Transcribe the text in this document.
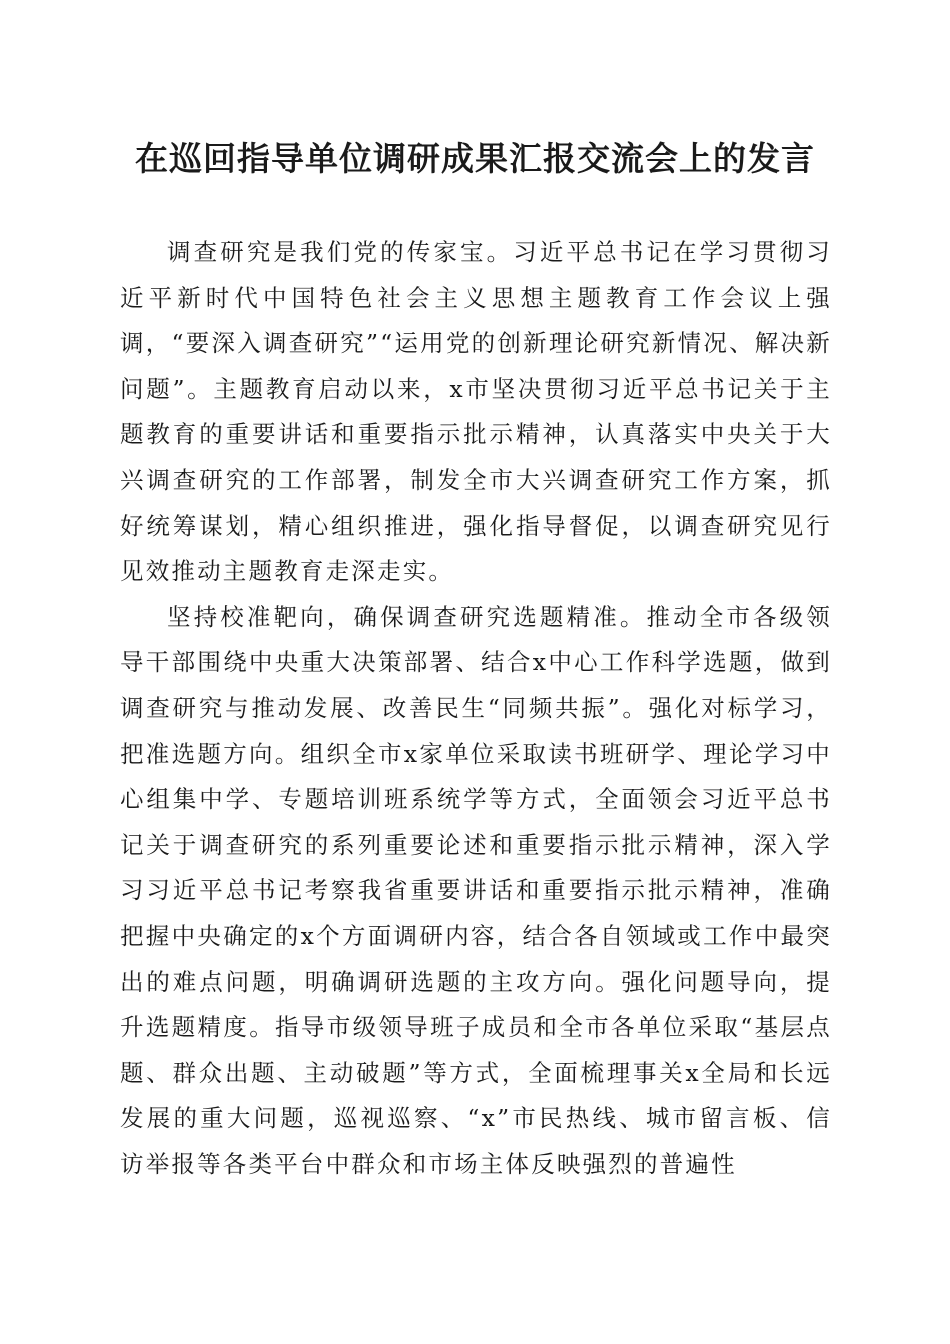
在巡回指导单位调研成果汇报交流会上的发言

调查研究是我们党的传家宝。习近平总书记在学习贯彻习近平新时代中国特色社会主义思想主题教育工作会议上强调，“要深入调查研究”“运用党的创新理论研究新情况、解决新问题”。主题教育启动以来，x市坚决贯彻习近平总书记关于主题教育的重要讲话和重要指示批示精神，认真落实中央关于大兴调查研究的工作部署，制发全市大兴调查研究工作方案，抓好统筹谋划，精心组织推进，强化指导督促，以调查研究见行见效推动主题教育走深走实。

坚持校准靶向，确保调查研究选题精准。推动全市各级领导干部围绕中央重大决策部署、结合x中心工作科学选题，做到调查研究与推动发展、改善民生“同频共振”。强化对标学习，把准选题方向。组织全市x家单位采取读书班研学、理论学习中心组集中学、专题培训班系统学等方式，全面领会习近平总书记关于调查研究的系列重要论述和重要指示批示精神，深入学习习近平总书记考察我省重要讲话和重要指示批示精神，准确把握中央确定的x个方面调研内容，结合各自领域或工作中最突出的难点问题，明确调研选题的主攻方向。强化问题导向，提升选题精度。指导市级领导班子成员和全市各单位采取“基层点题、群众出题、主动破题”等方式，全面梳理事关x全局和长远发展的重大问题，巡视巡察、“x”市民热线、城市留言板、信访举报等各类平台中群众和市场主体反映强烈的普遍性
